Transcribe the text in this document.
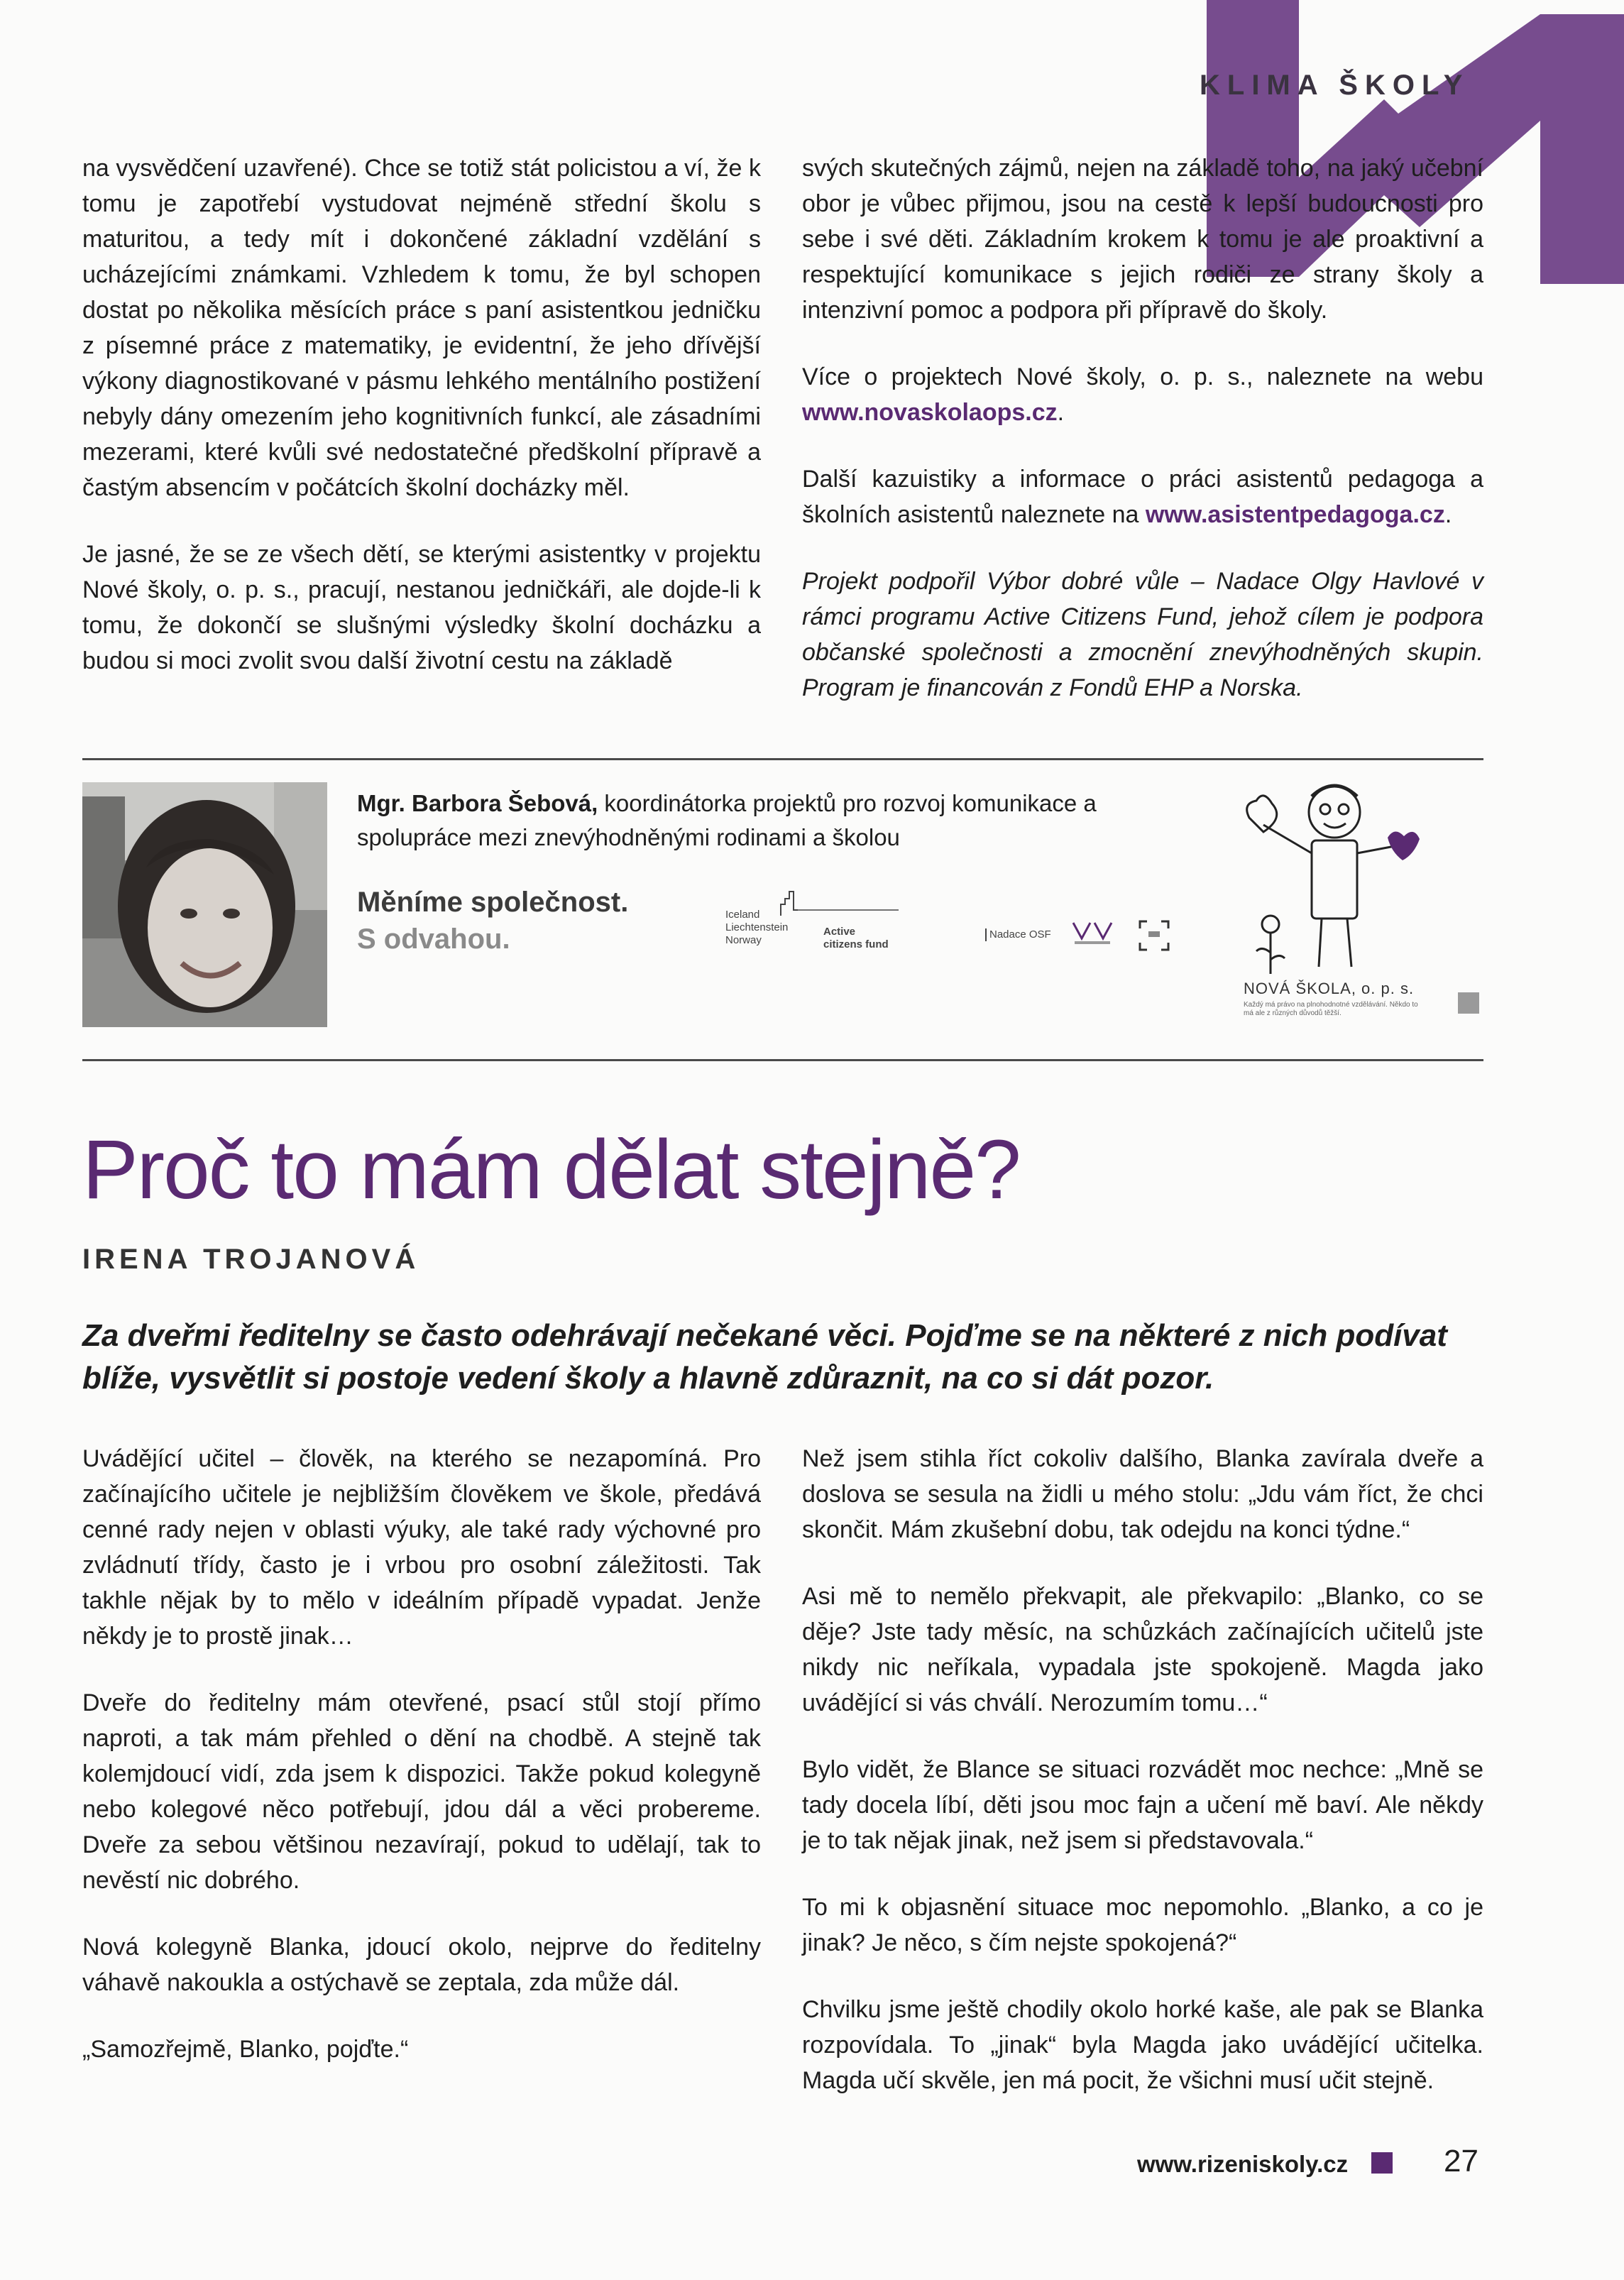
KLIMA ŠKOLY

na vysvědčení uzavřené). Chce se totiž stát policistou a ví, že k tomu je zapotřebí vystudovat nejméně střední školu s maturitou, a tedy mít i dokončené základní vzdělání s ucházejícími známkami. Vzhledem k tomu, že byl schopen dostat po několika měsících práce s paní asistentkou jedničku z písemné práce z matematiky, je evidentní, že jeho dřívější výkony diagnostikované v pásmu lehkého mentálního postižení nebyly dány omezením jeho kognitivních funkcí, ale zásadními mezerami, které kvůli své nedostatečné předškolní přípravě a častým absencím v počátcích školní docházky měl.

Je jasné, že se ze všech dětí, se kterými asistentky v projektu Nové školy, o. p. s., pracují, nestanou jedničkáři, ale dojde-li k tomu, že dokončí se slušnými výsledky školní docházku a budou si moci zvolit svou další životní cestu na základě

svých skutečných zájmů, nejen na základě toho, na jaký učební obor je vůbec přijmou, jsou na cestě k lepší budoucnosti pro sebe i své děti. Základním krokem k tomu je ale proaktivní a respektující komunikace s jejich rodiči ze strany školy a intenzivní pomoc a podpora při přípravě do školy.

Více o projektech Nové školy, o. p. s., naleznete na webu www.novaskolaops.cz.

Další kazuistiky a informace o práci asistentů pedagoga a školních asistentů naleznete na www.asistentpedagoga.cz.

Projekt podpořil Výbor dobré vůle – Nadace Olgy Havlové v rámci programu Active Citizens Fund, jehož cílem je podpora občanské společnosti a zmocnění znevýhodněných skupin. Program je financován z Fondů EHP a Norska.

Mgr. Barbora Šebová, koordinátorka projektů pro rozvoj komunikace a spolupráce mezi znevýhodněnými rodinami a školou
Měníme společnost.
S odvahou.
Iceland
Liechtenstein
Norway
Active
citizens fund
Nadace OSF
NOVÁ ŠKOLA, o. p. s.
Každý má právo na plnohodnotné vzdělávání. Někdo to má ale z různých důvodů těžší.
Proč to mám dělat stejně?
IRENA TROJANOVÁ
Za dveřmi ředitelny se často odehrávají nečekané věci. Pojďme se na některé z nich podívat blíže, vysvětlit si postoje vedení školy a hlavně zdůraznit, na co si dát pozor.

Uvádějící učitel – člověk, na kterého se nezapomíná. Pro začínajícího učitele je nejbližším člověkem ve škole, předává cenné rady nejen v oblasti výuky, ale také rady výchovné pro zvládnutí třídy, často je i vrbou pro osobní záležitosti. Tak takhle nějak by to mělo v ideálním případě vypadat. Jenže někdy je to prostě jinak…

Dveře do ředitelny mám otevřené, psací stůl stojí přímo naproti, a tak mám přehled o dění na chodbě. A stejně tak kolemjdoucí vidí, zda jsem k dispozici. Takže pokud kolegyně nebo kolegové něco potřebují, jdou dál a věci probereme. Dveře za sebou většinou nezavírají, pokud to udělají, tak to nevěstí nic dobrého.

Nová kolegyně Blanka, jdoucí okolo, nejprve do ředitelny váhavě nakoukla a ostýchavě se zeptala, zda může dál.

„Samozřejmě, Blanko, pojďte.“

Než jsem stihla říct cokoliv dalšího, Blanka zavírala dveře a doslova se sesula na židli u mého stolu: „Jdu vám říct, že chci skončit. Mám zkušební dobu, tak odejdu na konci týdne.“

Asi mě to nemělo překvapit, ale překvapilo: „Blanko, co se děje? Jste tady měsíc, na schůzkách začínajících učitelů jste nikdy nic neříkala, vypadala jste spokojeně. Magda jako uvádějící si vás chválí. Nerozumím tomu…“

Bylo vidět, že Blance se situaci rozvádět moc nechce: „Mně se tady docela líbí, děti jsou moc fajn a učení mě baví. Ale někdy je to tak nějak jinak, než jsem si představovala.“

To mi k objasnění situace moc nepomohlo. „Blanko, a co je jinak? Je něco, s čím nejste spokojená?“

Chvilku jsme ještě chodily okolo horké kaše, ale pak se Blanka rozpovídala. To „jinak“ byla Magda jako uvádějící učitelka. Magda učí skvěle, jen má pocit, že všichni musí učit stejně.

www.rizeniskoly.cz	27
